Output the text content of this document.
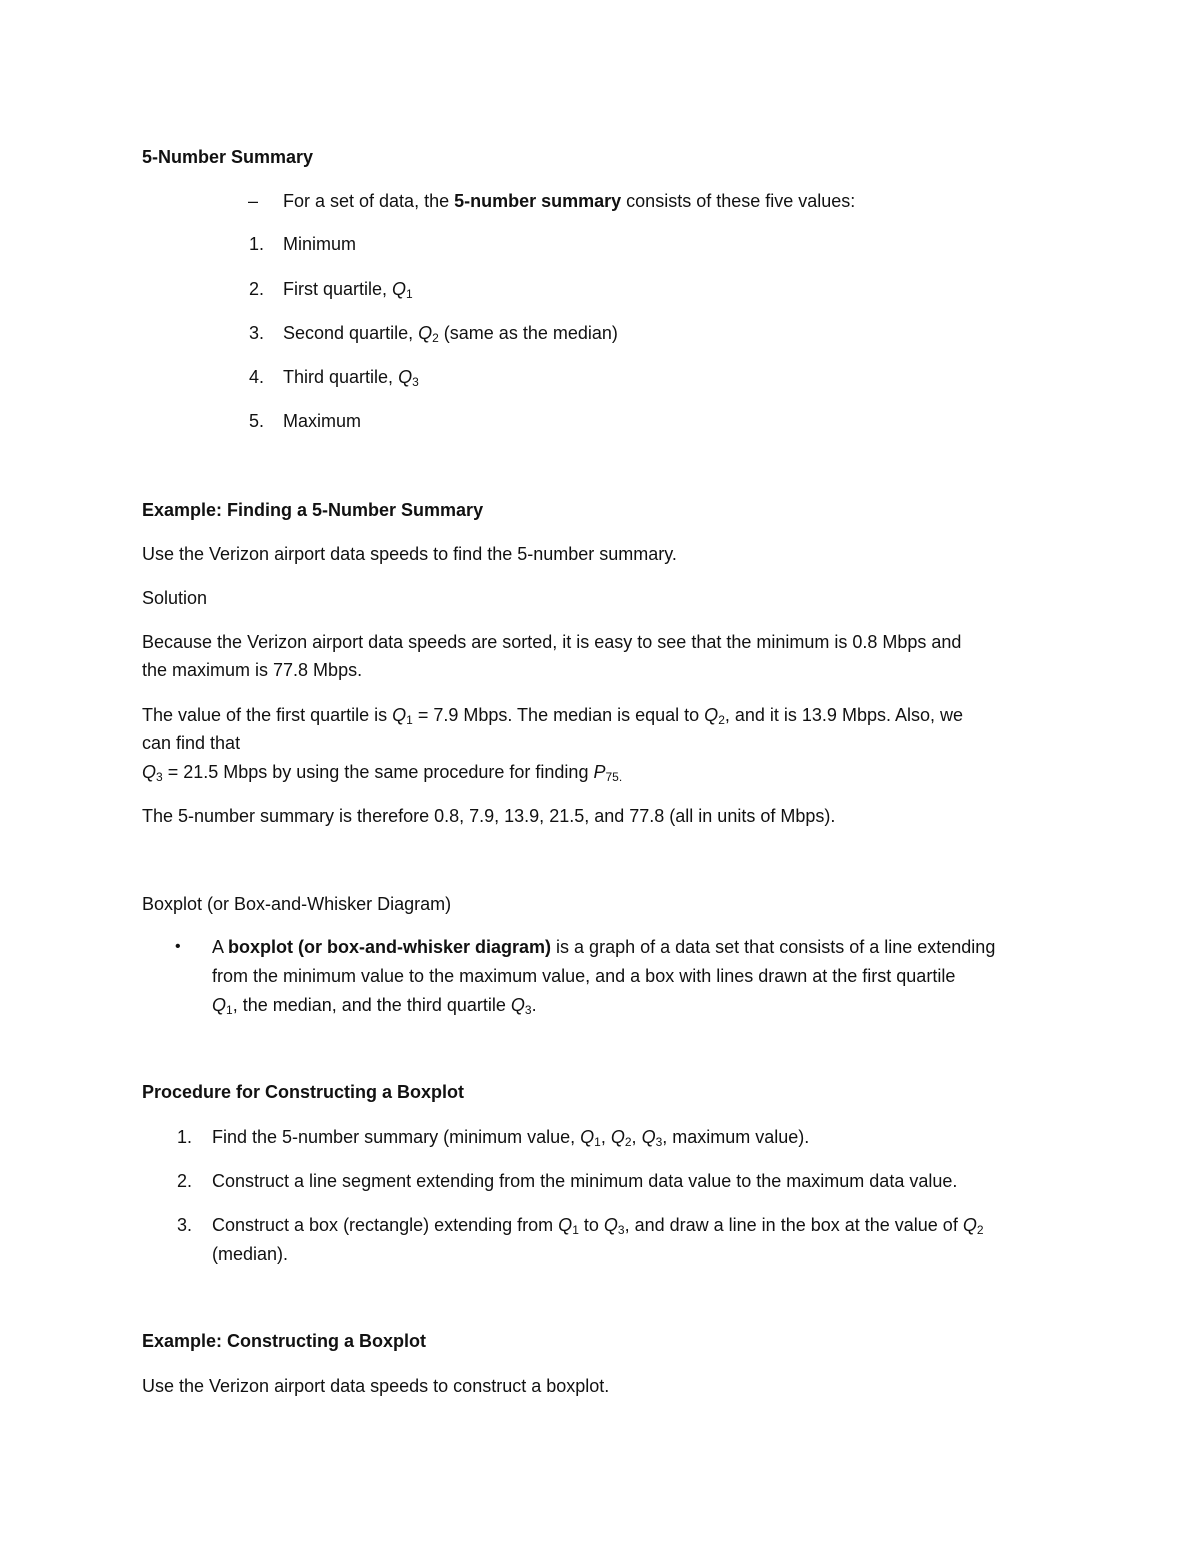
5-Number Summary
– For a set of data, the 5-number summary consists of these five values:
1. Minimum
2. First quartile, $Q_1$
3. Second quartile, $Q_2$ (same as the median)
4. Third quartile, $Q_3$
5. Maximum
Example: Finding a 5-Number Summary
Use the Verizon airport data speeds to find the 5-number summary.
Solution
Because the Verizon airport data speeds are sorted, it is easy to see that the minimum is 0.8 Mbps and
the maximum is 77.8 Mbps.
The value of the first quartile is $Q_1 = 7.9$ Mbps. The median is equal to $Q_2$, and it is 13.9 Mbps. Also, we
can find that
$Q_3 = 21.5$ Mbps by using the same procedure for finding $P_{75.}$
The 5-number summary is therefore 0.8, 7.9, 13.9, 21.5, and 77.8 (all in units of Mbps).
Boxplot (or Box-and-Whisker Diagram)
• A boxplot (or box-and-whisker diagram) is a graph of a data set that consists of a line extending
from the minimum value to the maximum value, and a box with lines drawn at the first quartile
$Q_1$, the median, and the third quartile $Q_3$.
Procedure for Constructing a Boxplot
1. Find the 5-number summary (minimum value, $Q_1$, $Q_2$, $Q_3$, maximum value).
2. Construct a line segment extending from the minimum data value to the maximum data value.
3. Construct a box (rectangle) extending from $Q_1$ to $Q_3$, and draw a line in the box at the value of $Q_2$
(median).
Example: Constructing a Boxplot
Use the Verizon airport data speeds to construct a boxplot.
